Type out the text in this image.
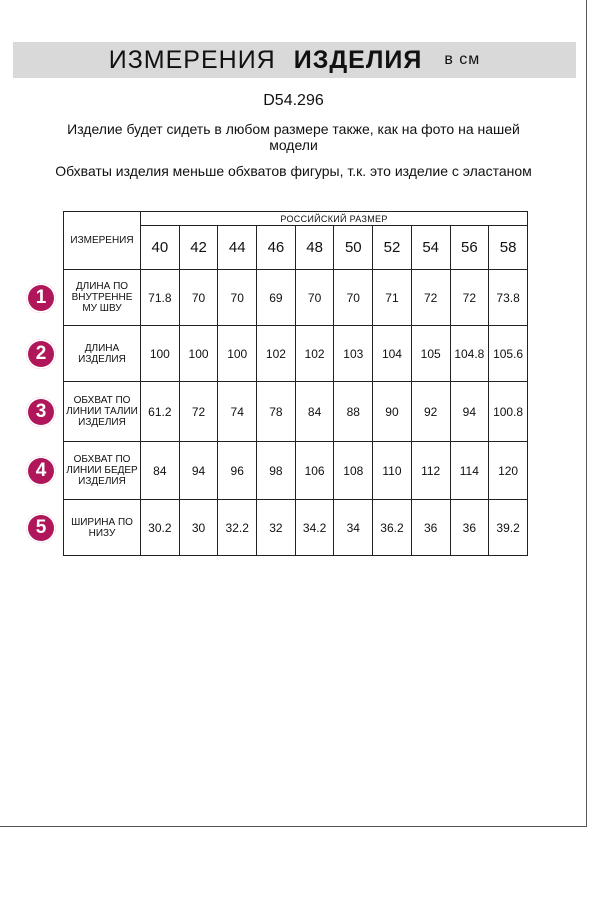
ИЗМЕРЕНИЯ ИЗДЕЛИЯ в см
D54.296
Изделие будет сидеть в любом размере также, как на фото на нашей модели
Обхваты изделия меньше обхватов фигуры, т.к. это изделие с эластаном
ИЗМЕРЕНИЯ	РОССИЙСКИЙ РАЗМЕР									
	40	42	44	46	48	50	52	54	56	58
ДЛИНА ПО ВНУТРЕННЕ МУ ШВУ	71.8	70	70	69	70	70	71	72	72	73.8
ДЛИНА ИЗДЕЛИЯ	100	100	100	102	102	103	104	105	104.8	105.6
ОБХВАТ ПО ЛИНИИ ТАЛИИ ИЗДЕЛИЯ	61.2	72	74	78	84	88	90	92	94	100.8
ОБХВАТ ПО ЛИНИИ БЕДЕР ИЗДЕЛИЯ	84	94	96	98	106	108	110	112	114	120
ШИРИНА ПО НИЗУ	30.2	30	32.2	32	34.2	34	36.2	36	36	39.2
1
2
3
4
5
